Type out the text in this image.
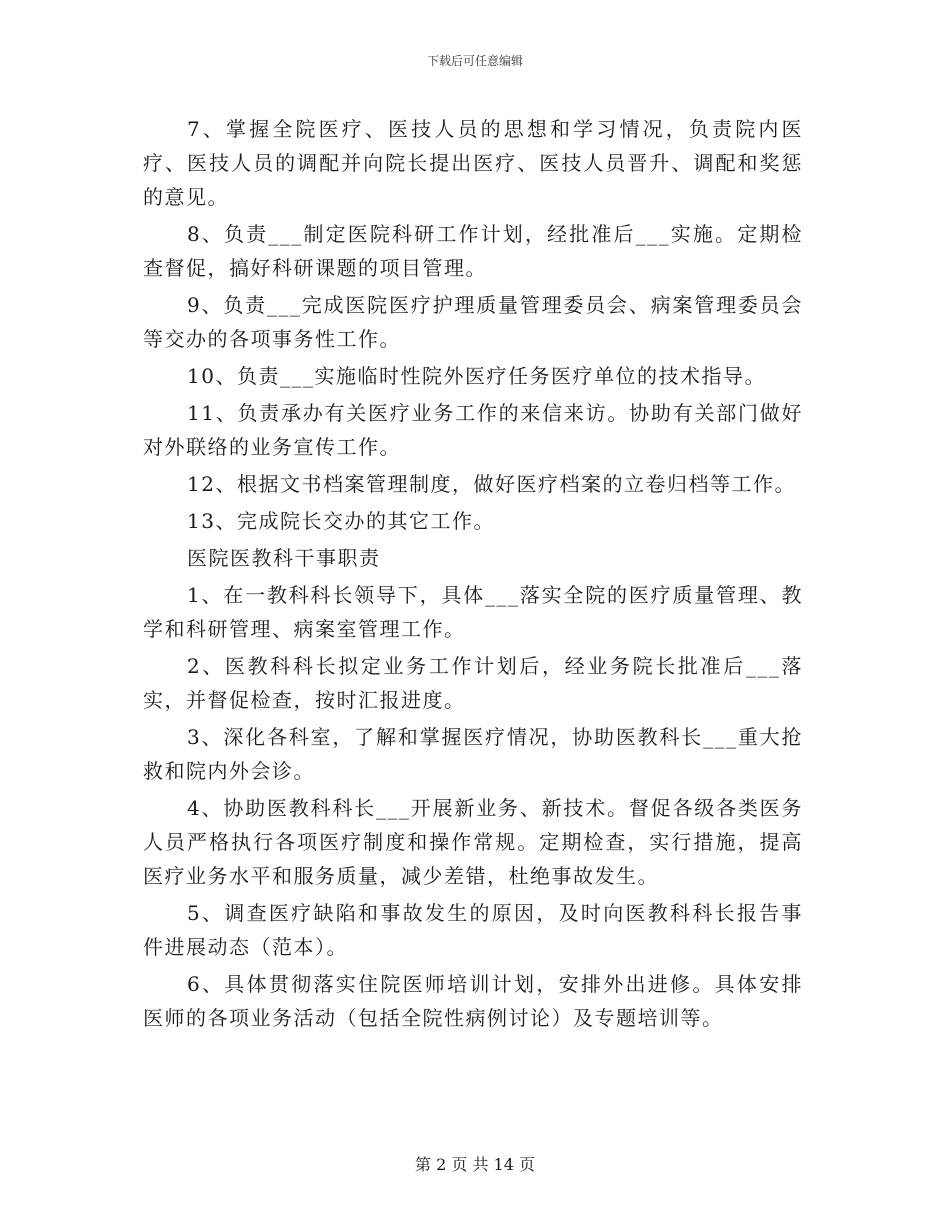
下载后可任意编辑

7、掌握全院医疗、医技人员的思想和学习情况，负责院内医疗、医技人员的调配并向院长提出医疗、医技人员晋升、调配和奖惩的意见。

8、负责___制定医院科研工作计划，经批准后___实施。定期检查督促，搞好科研课题的项目管理。

9、负责___完成医院医疗护理质量管理委员会、病案管理委员会等交办的各项事务性工作。

10、负责___实施临时性院外医疗任务医疗单位的技术指导。

11、负责承办有关医疗业务工作的来信来访。协助有关部门做好对外联络的业务宣传工作。

12、根据文书档案管理制度，做好医疗档案的立卷归档等工作。

13、完成院长交办的其它工作。

医院医教科干事职责

1、在一教科科长领导下，具体___落实全院的医疗质量管理、教学和科研管理、病案室管理工作。

2、医教科科长拟定业务工作计划后，经业务院长批准后___落实，并督促检查，按时汇报进度。

3、深化各科室，了解和掌握医疗情况，协助医教科长___重大抢救和院内外会诊。

4、协助医教科科长___开展新业务、新技术。督促各级各类医务人员严格执行各项医疗制度和操作常规。定期检查，实行措施，提高医疗业务水平和服务质量，减少差错，杜绝事故发生。

5、调查医疗缺陷和事故发生的原因，及时向医教科科长报告事件进展动态（范本）。

6、具体贯彻落实住院医师培训计划，安排外出进修。具体安排医师的各项业务活动（包括全院性病例讨论）及专题培训等。

第 2 页 共 14 页
